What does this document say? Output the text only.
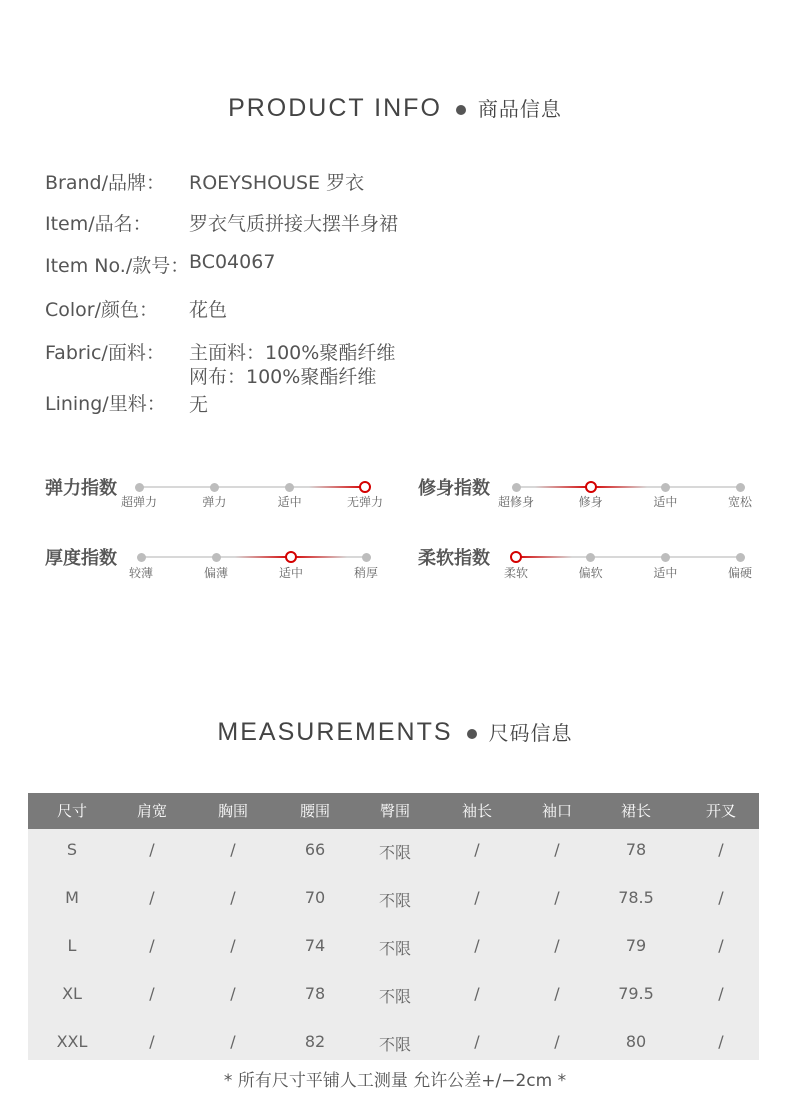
PRODUCT INFO 商品信息
Brand/品牌： ROEYSHOUSE 罗衣
Item/品名： 罗衣气质拼接大摆半身裙
Item No./款号： BC04067
Color/颜色： 花色
Fabric/面料： 主面料：100%聚酯纤维
网布：100%聚酯纤维
Lining/里料： 无
弹力指数
超弹力	弹力	适中	无弹力
修身指数
超修身	修身	适中	宽松
厚度指数
较薄	偏薄	适中	稍厚
柔软指数
柔软	偏软	适中	偏硬
MEASUREMENTS 尺码信息
尺寸	肩宽	胸围	腰围	臀围	袖长	袖口	裙长	开叉
S	/	/	66	不限	/	/	78	/
M	/	/	70	不限	/	/	78.5	/
L	/	/	74	不限	/	/	79	/
XL	/	/	78	不限	/	/	79.5	/
XXL	/	/	82	不限	/	/	80	/
* 所有尺寸平铺人工测量 允许公差+/−2cm *
